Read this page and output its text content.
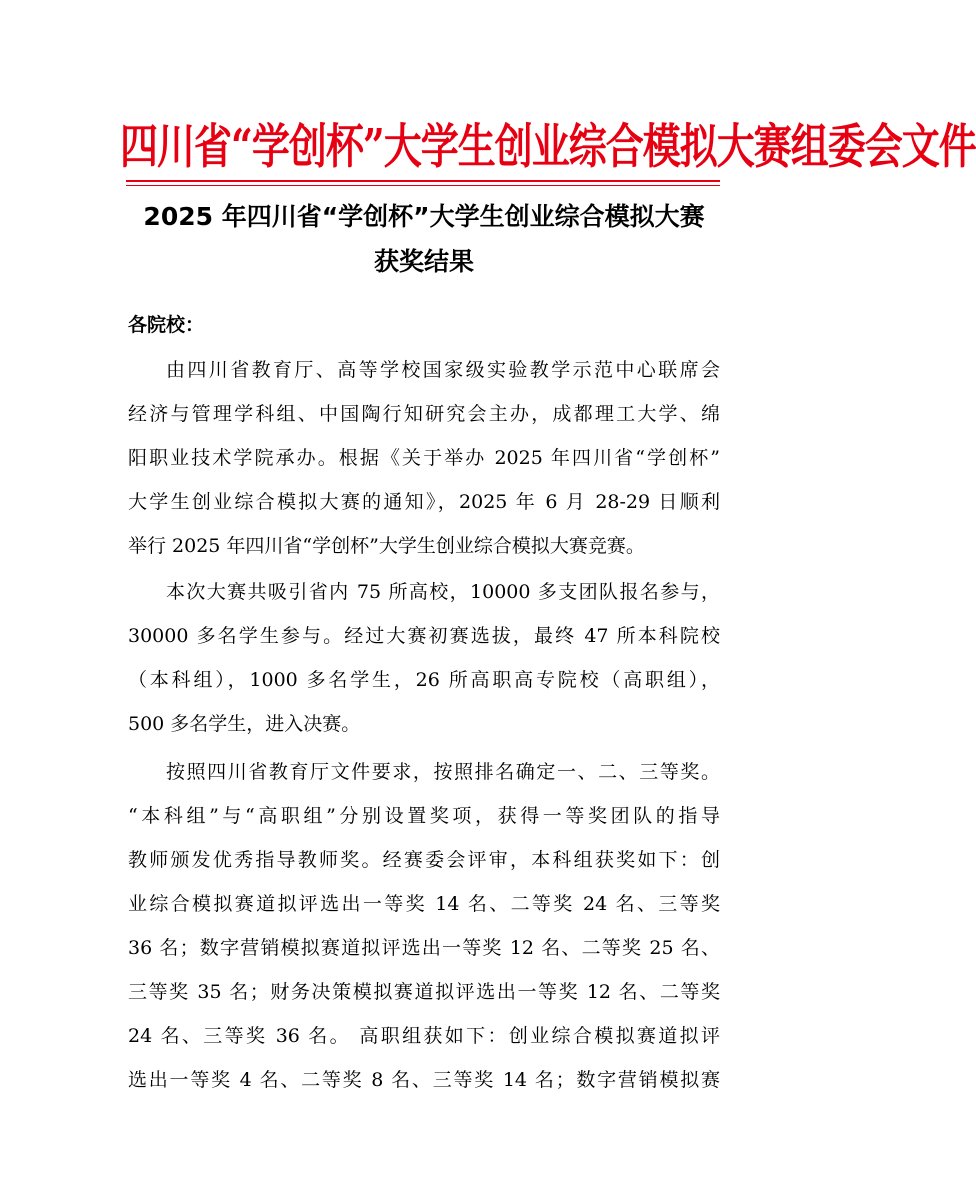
四川省“学创杯”大学生创业综合模拟大赛组委会文件
2025 年四川省“学创杯”大学生创业综合模拟大赛
获奖结果
各院校：
由四川省教育厅、高等学校国家级实验教学示范中心联席会
经济与管理学科组、中国陶行知研究会主办，成都理工大学、绵
阳职业技术学院承办。根据《关于举办 2025 年四川省“学创杯”
大学生创业综合模拟大赛的通知》，2025 年 6 月 28-29 日顺利
举行 2025 年四川省“学创杯”大学生创业综合模拟大赛竞赛。
本次大赛共吸引省内 75 所高校，10000 多支团队报名参与，
30000 多名学生参与。经过大赛初赛选拔，最终 47 所本科院校
（本科组），1000 多名学生，26 所高职高专院校（高职组），
500 多名学生，进入决赛。
按照四川省教育厅文件要求，按照排名确定一、二、三等奖。
“本科组”与“高职组”分别设置奖项，获得一等奖团队的指导
教师颁发优秀指导教师奖。经赛委会评审，本科组获奖如下：创
业综合模拟赛道拟评选出一等奖 14 名、二等奖 24 名、三等奖
36 名；数字营销模拟赛道拟评选出一等奖 12 名、二等奖 25 名、
三等奖 35 名；财务决策模拟赛道拟评选出一等奖 12 名、二等奖
24 名、三等奖 36 名。 高职组获如下：创业综合模拟赛道拟评
选出一等奖 4 名、二等奖 8 名、三等奖 14 名；数字营销模拟赛
